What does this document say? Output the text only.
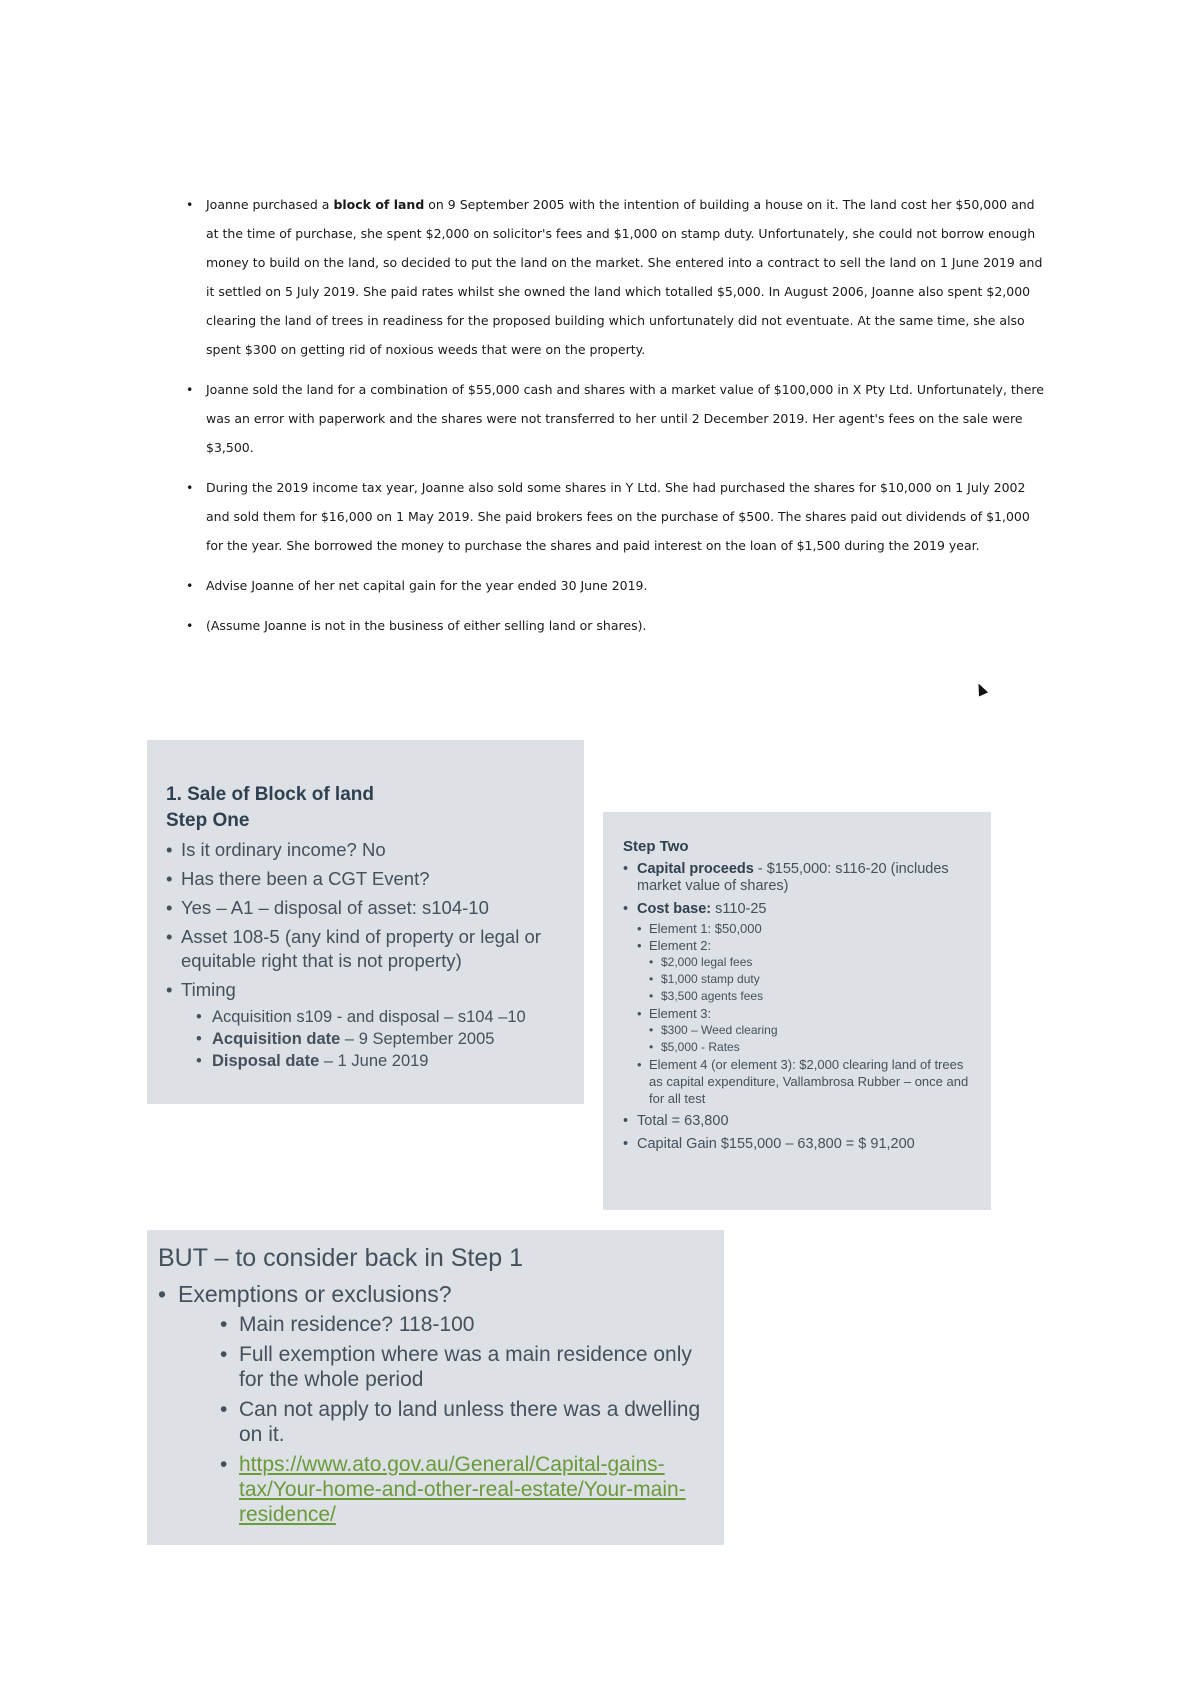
• Joanne purchased a block of land on 9 September 2005 with the intention of building a house on it. The land cost her $50,000 and at the time of purchase, she spent $2,000 on solicitor's fees and $1,000 on stamp duty. Unfortunately, she could not borrow enough money to build on the land, so decided to put the land on the market. She entered into a contract to sell the land on 1 June 2019 and it settled on 5 July 2019. She paid rates whilst she owned the land which totalled $5,000. In August 2006, Joanne also spent $2,000 clearing the land of trees in readiness for the proposed building which unfortunately did not eventuate. At the same time, she also spent $300 on getting rid of noxious weeds that were on the property.
• Joanne sold the land for a combination of $55,000 cash and shares with a market value of $100,000 in X Pty Ltd. Unfortunately, there was an error with paperwork and the shares were not transferred to her until 2 December 2019. Her agent's fees on the sale were $3,500.
• During the 2019 income tax year, Joanne also sold some shares in Y Ltd. She had purchased the shares for $10,000 on 1 July 2002 and sold them for $16,000 on 1 May 2019. She paid brokers fees on the purchase of $500. The shares paid out dividends of $1,000 for the year. She borrowed the money to purchase the shares and paid interest on the loan of $1,500 during the 2019 year.
• Advise Joanne of her net capital gain for the year ended 30 June 2019.
• (Assume Joanne is not in the business of either selling land or shares).
1. Sale of Block of land
Step One
• Is it ordinary income? No
• Has there been a CGT Event?
• Yes – A1 – disposal of asset: s104-10
• Asset 108-5 (any kind of property or legal or equitable right that is not property)
• Timing
• Acquisition s109 - and disposal – s104 –10
• Acquisition date – 9 September 2005
• Disposal date – 1 June 2019
Step Two
• Capital proceeds - $155,000: s116-20 (includes market value of shares)
• Cost base: s110-25
• Element 1: $50,000
• Element 2:
• $2,000 legal fees
• $1,000 stamp duty
• $3,500 agents fees
• Element 3:
• $300 – Weed clearing
• $5,000 - Rates
• Element 4 (or element 3): $2,000 clearing land of trees as capital expenditure, Vallambrosa Rubber – once and for all test
• Total = 63,800
• Capital Gain $155,000 – 63,800 = $ 91,200
BUT – to consider back in Step 1
• Exemptions or exclusions?
• Main residence? 118-100
• Full exemption where was a main residence only for the whole period
• Can not apply to land unless there was a dwelling on it.
• https://www.ato.gov.au/General/Capital-gains-tax/Your-home-and-other-real-estate/Your-main-residence/
